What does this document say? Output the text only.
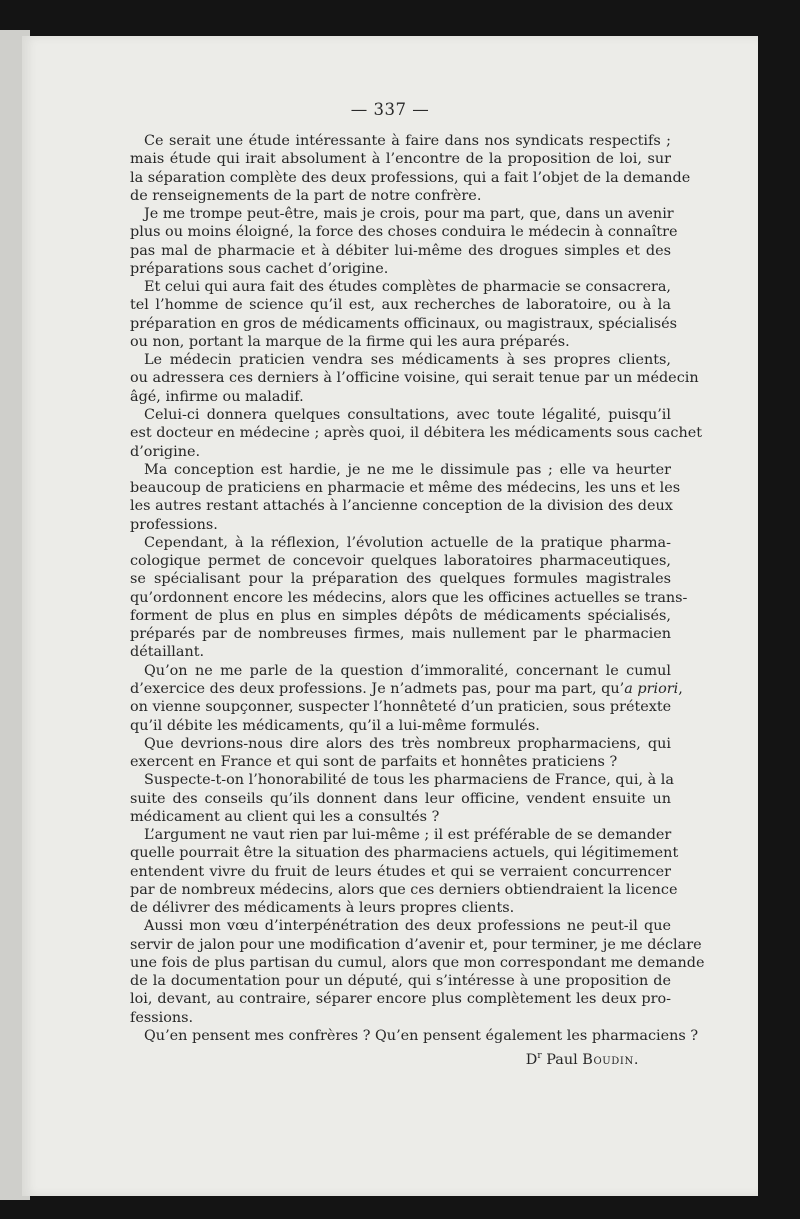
— 337 —
Ce serait une étude intéressante à faire dans nos syndicats respectifs ;
mais étude qui irait absolument à l’encontre de la proposition de loi, sur
la séparation complète des deux professions, qui a fait l’objet de la demande
de renseignements de la part de notre confrère.
Je me trompe peut-être, mais je crois, pour ma part, que, dans un avenir
plus ou moins éloigné, la force des choses conduira le médecin à connaître
pas mal de pharmacie et à débiter lui-même des drogues simples et des
préparations sous cachet d’origine.
Et celui qui aura fait des études complètes de pharmacie se consacrera,
tel l’homme de science qu’il est, aux recherches de laboratoire, ou à la
préparation en gros de médicaments officinaux, ou magistraux, spécialisés
ou non, portant la marque de la firme qui les aura préparés.
Le médecin praticien vendra ses médicaments à ses propres clients,
ou adressera ces derniers à l’officine voisine, qui serait tenue par un médecin
âgé, infirme ou maladif.
Celui-ci donnera quelques consultations, avec toute légalité, puisqu’il
est docteur en médecine ; après quoi, il débitera les médicaments sous cachet
d’origine.
Ma conception est hardie, je ne me le dissimule pas ; elle va heurter
beaucoup de praticiens en pharmacie et même des médecins, les uns et les
les autres restant attachés à l’ancienne conception de la division des deux
professions.
Cependant, à la réflexion, l’évolution actuelle de la pratique pharma-
cologique permet de concevoir quelques laboratoires pharmaceutiques,
se spécialisant pour la préparation des quelques formules magistrales
qu’ordonnent encore les médecins, alors que les officines actuelles se trans-
forment de plus en plus en simples dépôts de médicaments spécialisés,
préparés par de nombreuses firmes, mais nullement par le pharmacien
détaillant.
Qu’on ne me parle de la question d’immoralité, concernant le cumul
d’exercice des deux professions. Je n’admets pas, pour ma part, qu’a priori,
on vienne soupçonner, suspecter l’honnêteté d’un praticien, sous prétexte
qu’il débite les médicaments, qu’il a lui-même formulés.
Que devrions-nous dire alors des très nombreux propharmaciens, qui
exercent en France et qui sont de parfaits et honnêtes praticiens ?
Suspecte-t-on l’honorabilité de tous les pharmaciens de France, qui, à la
suite des conseils qu’ils donnent dans leur officine, vendent ensuite un
médicament au client qui les a consultés ?
L’argument ne vaut rien par lui-même ; il est préférable de se demander
quelle pourrait être la situation des pharmaciens actuels, qui légitimement
entendent vivre du fruit de leurs études et qui se verraient concurrencer
par de nombreux médecins, alors que ces derniers obtiendraient la licence
de délivrer des médicaments à leurs propres clients.
Aussi mon vœu d’interpénétration des deux professions ne peut-il que
servir de jalon pour une modification d’avenir et, pour terminer, je me déclare
une fois de plus partisan du cumul, alors que mon correspondant me demande
de la documentation pour un député, qui s’intéresse à une proposition de
loi, devant, au contraire, séparer encore plus complètement les deux pro-
fessions.
Qu’en pensent mes confrères ? Qu’en pensent également les pharmaciens ?
$D^r$ Paul Boudin.
